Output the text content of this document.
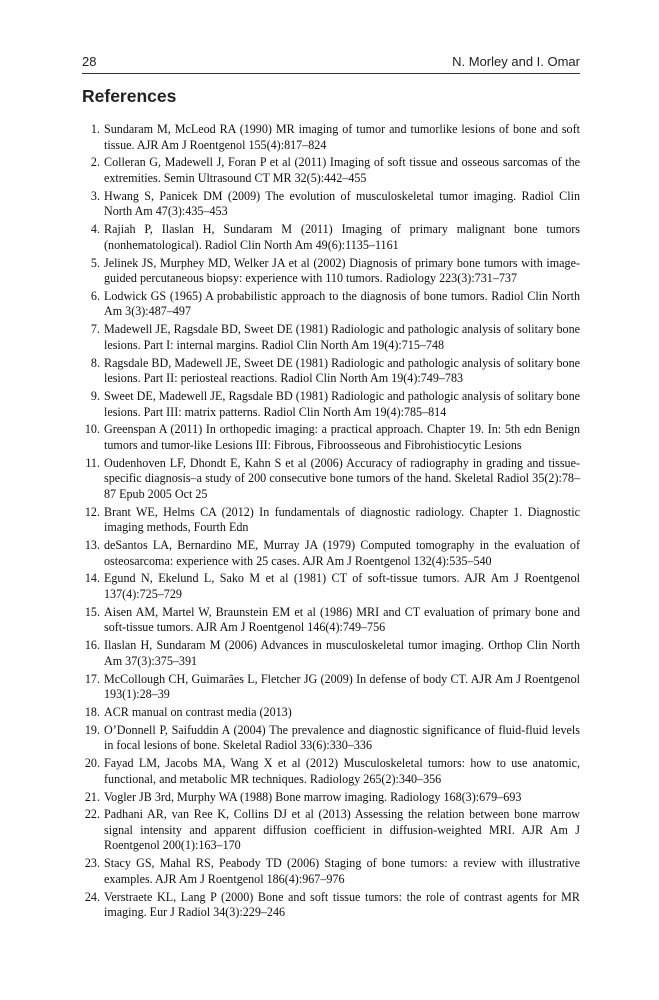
28	N. Morley and I. Omar
References
1. Sundaram M, McLeod RA (1990) MR imaging of tumor and tumorlike lesions of bone and soft tissue. AJR Am J Roentgenol 155(4):817–824
2. Colleran G, Madewell J, Foran P et al (2011) Imaging of soft tissue and osseous sarcomas of the extremities. Semin Ultrasound CT MR 32(5):442–455
3. Hwang S, Panicek DM (2009) The evolution of musculoskeletal tumor imaging. Radiol Clin North Am 47(3):435–453
4. Rajiah P, Ilaslan H, Sundaram M (2011) Imaging of primary malignant bone tumors (nonhematological). Radiol Clin North Am 49(6):1135–1161
5. Jelinek JS, Murphey MD, Welker JA et al (2002) Diagnosis of primary bone tumors with image-guided percutaneous biopsy: experience with 110 tumors. Radiology 223(3):731–737
6. Lodwick GS (1965) A probabilistic approach to the diagnosis of bone tumors. Radiol Clin North Am 3(3):487–497
7. Madewell JE, Ragsdale BD, Sweet DE (1981) Radiologic and pathologic analysis of solitary bone lesions. Part I: internal margins. Radiol Clin North Am 19(4):715–748
8. Ragsdale BD, Madewell JE, Sweet DE (1981) Radiologic and pathologic analysis of solitary bone lesions. Part II: periosteal reactions. Radiol Clin North Am 19(4):749–783
9. Sweet DE, Madewell JE, Ragsdale BD (1981) Radiologic and pathologic analysis of solitary bone lesions. Part III: matrix patterns. Radiol Clin North Am 19(4):785–814
10. Greenspan A (2011) In orthopedic imaging: a practical approach. Chapter 19. In: 5th edn Benign tumors and tumor-like Lesions III: Fibrous, Fibroosseous and Fibrohistiocytic Lesions
11. Oudenhoven LF, Dhondt E, Kahn S et al (2006) Accuracy of radiography in grading and tissue-specific diagnosis–a study of 200 consecutive bone tumors of the hand. Skeletal Radiol 35(2):78–87 Epub 2005 Oct 25
12. Brant WE, Helms CA (2012) In fundamentals of diagnostic radiology. Chapter 1. Diagnostic imaging methods, Fourth Edn
13. deSantos LA, Bernardino ME, Murray JA (1979) Computed tomography in the evaluation of osteosarcoma: experience with 25 cases. AJR Am J Roentgenol 132(4):535–540
14. Egund N, Ekelund L, Sako M et al (1981) CT of soft-tissue tumors. AJR Am J Roentgenol 137(4):725–729
15. Aisen AM, Martel W, Braunstein EM et al (1986) MRI and CT evaluation of primary bone and soft-tissue tumors. AJR Am J Roentgenol 146(4):749–756
16. Ilaslan H, Sundaram M (2006) Advances in musculoskeletal tumor imaging. Orthop Clin North Am 37(3):375–391
17. McCollough CH, Guimarães L, Fletcher JG (2009) In defense of body CT. AJR Am J Roentgenol 193(1):28–39
18. ACR manual on contrast media (2013)
19. O’Donnell P, Saifuddin A (2004) The prevalence and diagnostic significance of fluid-fluid levels in focal lesions of bone. Skeletal Radiol 33(6):330–336
20. Fayad LM, Jacobs MA, Wang X et al (2012) Musculoskeletal tumors: how to use anatomic, functional, and metabolic MR techniques. Radiology 265(2):340–356
21. Vogler JB 3rd, Murphy WA (1988) Bone marrow imaging. Radiology 168(3):679–693
22. Padhani AR, van Ree K, Collins DJ et al (2013) Assessing the relation between bone marrow signal intensity and apparent diffusion coefficient in diffusion-weighted MRI. AJR Am J Roentgenol 200(1):163–170
23. Stacy GS, Mahal RS, Peabody TD (2006) Staging of bone tumors: a review with illustrative examples. AJR Am J Roentgenol 186(4):967–976
24. Verstraete KL, Lang P (2000) Bone and soft tissue tumors: the role of contrast agents for MR imaging. Eur J Radiol 34(3):229–246
